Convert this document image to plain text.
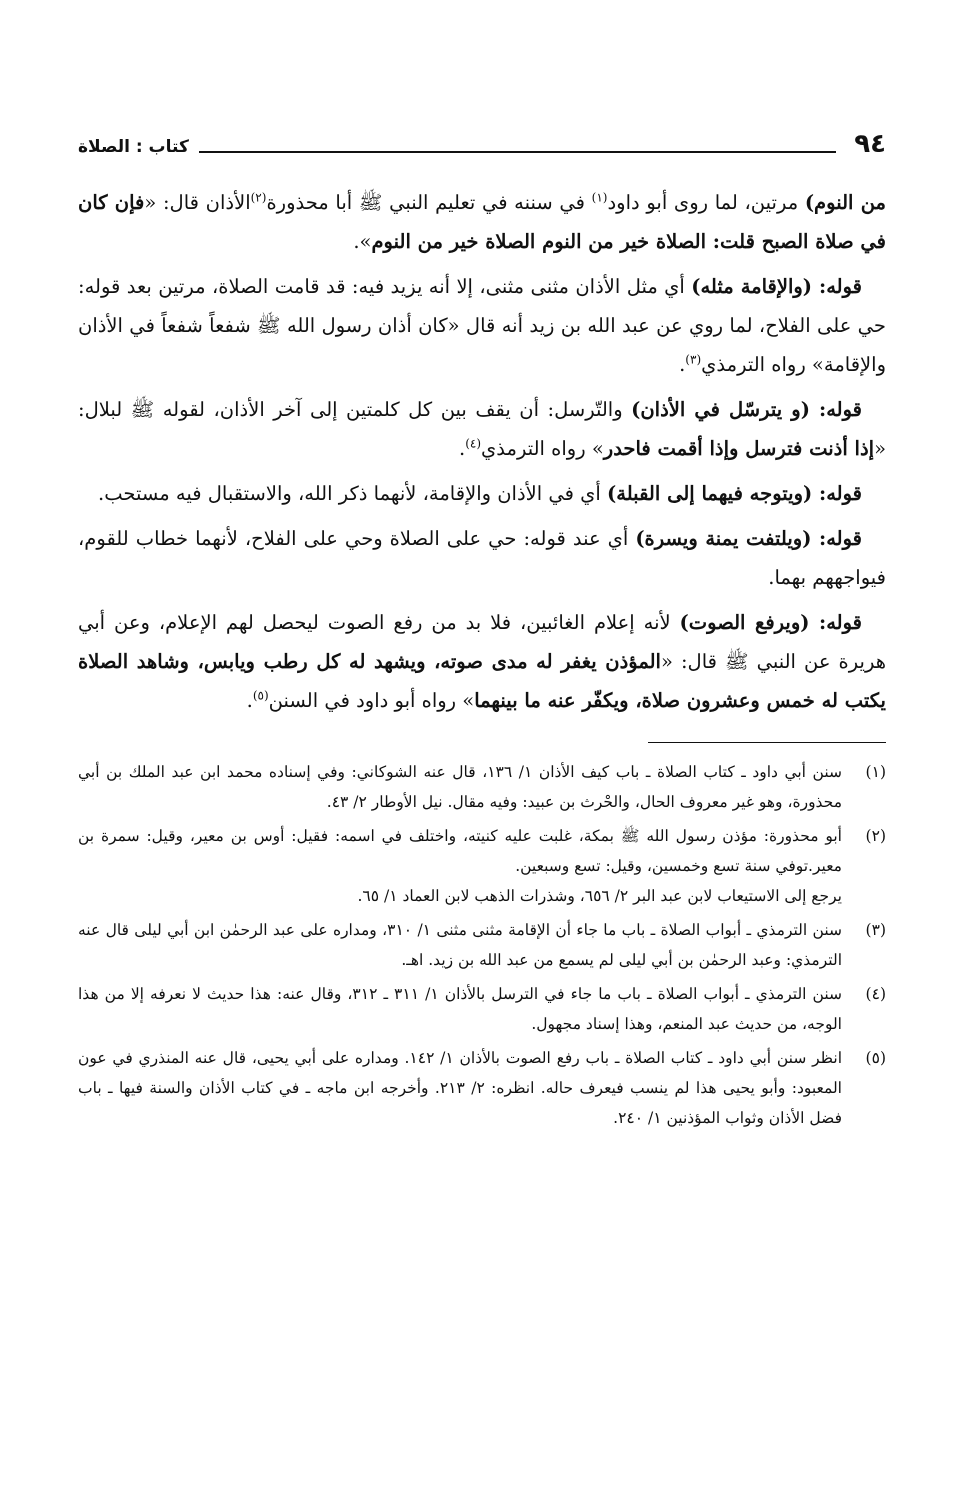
٩٤
كتاب : الصلاة

من النوم) مرتين، لما روى أبو داود$^{(١)}$ في سننه في تعليم النبي ﷺ أبا محذورة$^{(٢)}$الأذان قال: «فإن كان في صلاة الصبح قلت: الصلاة خير من النوم الصلاة خير من النوم».

قوله: (والإقامة مثله) أي مثل الأذان مثنى مثنى، إلا أنه يزيد فيه: قد قامت الصلاة، مرتين بعد قوله: حي على الفلاح، لما روي عن عبد الله بن زيد أنه قال «كان أذان رسول الله ﷺ شفعاً شفعاً في الأذان والإقامة» رواه الترمذي$^{(٣)}$.

قوله: (و يترسّل في الأذان) والتّرسل: أن يقف بين كل كلمتين إلى آخر الأذان، لقوله ﷺ لبلال: «إذا أذنت فترسل وإذا أقمت فاحدر» رواه الترمذي$^{(٤)}$.

قوله: (ويتوجه فيهما إلى القبلة) أي في الأذان والإقامة، لأنهما ذكر الله، والاستقبال فيه مستحب.

قوله: (ويلتفت يمنة ويسرة) أي عند قوله: حي على الصلاة وحي على الفلاح، لأنهما خطاب للقوم، فيواجههم بهما.

قوله: (ويرفع الصوت) لأنه إعلام الغائبين، فلا بد من رفع الصوت ليحصل لهم الإعلام، وعن أبي هريرة عن النبي ﷺ قال: «المؤذن يغفر له مدى صوته، ويشهد له كل رطب ويابس، وشاهد الصلاة يكتب له خمس وعشرون صلاة، ويكفّر عنه ما بينهما» رواه أبو داود في السنن$^{(٥)}$.

(١)
سنن أبي داود ـ كتاب الصلاة ـ باب كيف الأذان ١/ ١٣٦، قال عنه الشوكاني: وفي إسناده محمد ابن عبد الملك بن أبي محذورة، وهو غير معروف الحال، والحْرث بن عبيد: وفيه مقال. نيل الأوطار ٢/ ٤٣.
(٢)
أبو محذورة: مؤذن رسول الله ﷺ بمكة، غلبت عليه كنيته، واختلف في اسمه: فقيل: أوس بن معير، وقيل: سمرة بن معير.توفي سنة تسع وخمسين، وقيل: تسع وسبعين.
يرجع إلى الاستيعاب لابن عبد البر ٢/ ٦٥٦، وشذرات الذهب لابن العماد ١/ ٦٥.
(٣)
سنن الترمذي ـ أبواب الصلاة ـ باب ما جاء أن الإقامة مثنى مثنى ١/ ٣١٠، ومداره على عبد الرحمٰن ابن أبي ليلى قال عنه الترمذي: وعبد الرحمٰن بن أبي ليلى لم يسمع من عبد الله بن زيد. اهـ.
(٤)
سنن الترمذي ـ أبواب الصلاة ـ باب ما جاء في الترسل بالأذان ١/ ٣١١ ـ ٣١٢، وقال عنه: هذا حديث لا نعرفه إلا من هذا الوجه، من حديث عبد المنعم، وهذا إسناد مجهول.
(٥)
انظر سنن أبي داود ـ كتاب الصلاة ـ باب رفع الصوت بالأذان ١/ ١٤٢. ومداره على أبي يحيى، قال عنه المنذري في عون المعبود: وأبو يحيى هذا لم ينسب فيعرف حاله. انظره: ٢/ ٢١٣. وأخرجه ابن ماجه ـ في كتاب الأذان والسنة فيها ـ باب فضل الأذان وثواب المؤذنين ١/ ٢٤٠.
